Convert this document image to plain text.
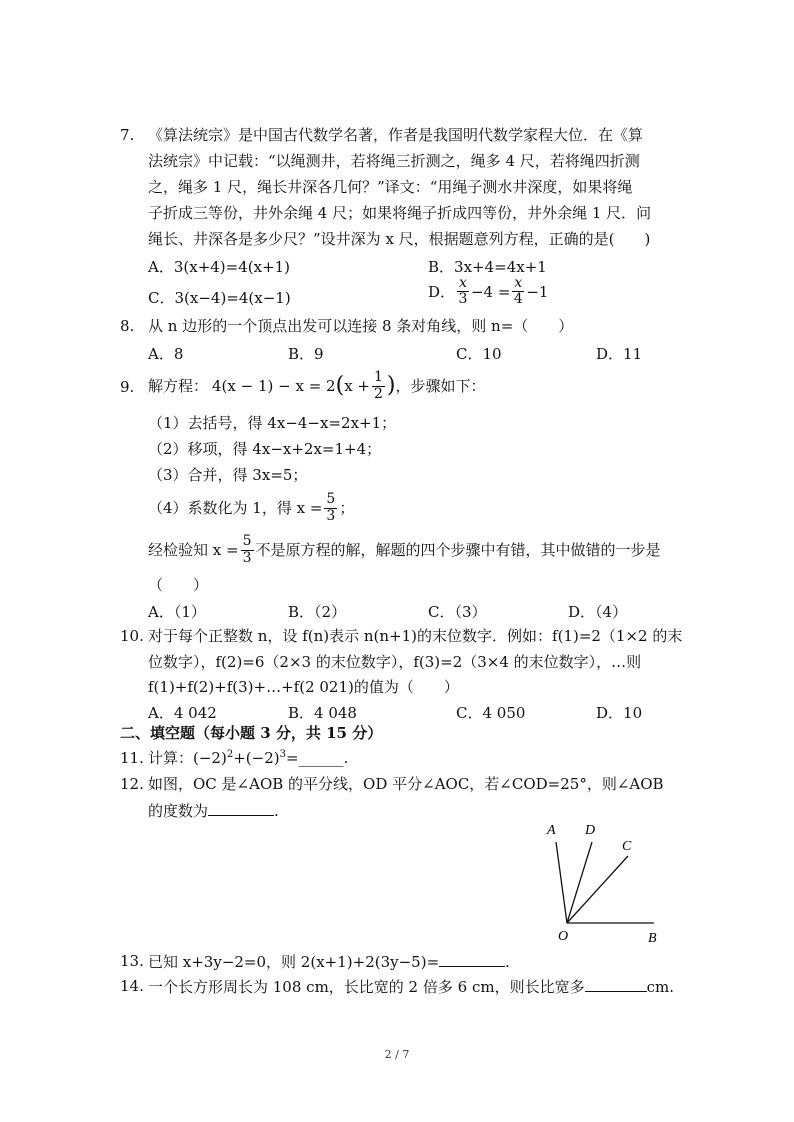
7. 《算法统宗》是中国古代数学名著，作者是我国明代数学家程大位．在《算
法统宗》中记载：“以绳测井，若将绳三折测之，绳多 4 尺，若将绳四折测
之，绳多 1 尺，绳长井深各几何？”译文：“用绳子测水井深度，如果将绳
子折成三等份，井外余绳 4 尺；如果将绳子折成四等份，井外余绳 1 尺．问
绳长、井深各是多少尺？”设井深为 x 尺，根据题意列方程，正确的是(　　)
A．3(x+4)=4(x+1)	B．3x+4=4x+1
C．3(x−4)=4(x−1)	D． $\frac{x}{3} -4 = \frac{x}{4} -1$
8. 从 n 边形的一个顶点出发可以连接 8 条对角线，则 n=（　　）
A．8	B．9	C．10	D．11
9. 解方程： 4(x − 1) − x = 2 ( $x + \frac{1}{2}$ ) ，步骤如下：
（1）去括号，得 4x−4−x=2x+1；
（2）移项，得 4x−x+2x=1+4；
（3）合并，得 3x=5；
（4）系数化为 1，得 $x = \frac{5}{3}$ ；
经检验知 $x = \frac{5}{3}$ 不是原方程的解，解题的四个步骤中有错，其中做错的一步是
（　　）
A．（1）	B．（2）	C．（3）	D．（4）
10. 对于每个正整数 n，设 f(n)表示 n(n+1)的末位数字．例如：f(1)=2（1×2 的末
位数字），f(2)=6（2×3 的末位数字），f(3)=2（3×4 的末位数字），…则
f(1)+f(2)+f(3)+…+f(2 021)的值为（　　）
A．4 042	B．4 048	C．4 050	D．10
二、填空题（每小题 3 分，共 15 分）
11. 计算：$(-2)^2+(-2)^3=\_\_\_\_\_\_$.
12. 如图，OC 是∠AOB 的平分线，OD 平分∠AOC，若∠COD=25°，则∠AOB
的度数为	.
A D
C
O	B
13. 已知 x+3y−2=0，则 2(x+1)+2(3y−5)=	.
14. 一个长方形周长为 108 cm，长比宽的 2 倍多 6 cm，则长比宽多	cm.
2 / 7
